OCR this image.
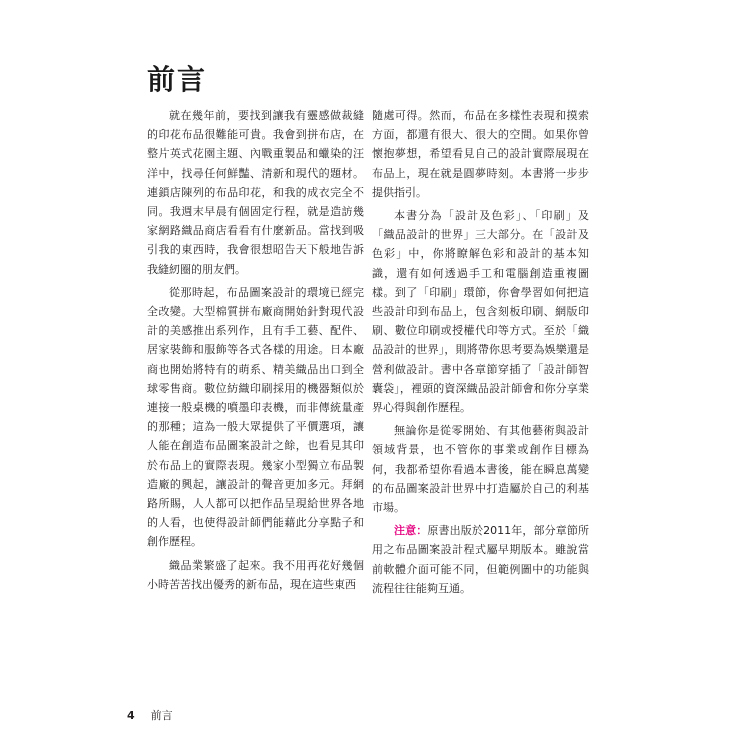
前言

就在幾年前，要找到讓我有靈感做裁縫的印花布品很難能可貴。我會到拼布店，在整片英式花園主題、內戰重製品和蠟染的汪洋中，找尋任何鮮豔、清新和現代的題材。連鎖店陳列的布品印花，和我的成衣完全不同。我週末早晨有個固定行程，就是造訪幾家網路織品商店看看有什麼新品。當找到吸引我的東西時，我會很想昭告天下般地告訴我縫紉圈的朋友們。

從那時起，布品圖案設計的環境已經完全改變。大型棉質拼布廠商開始針對現代設計的美感推出系列作，且有手工藝、配件、居家裝飾和服飾等各式各樣的用途。日本廠商也開始將特有的萌系、精美織品出口到全球零售商。數位紡織印刷採用的機器類似於連接一般桌機的噴墨印表機，而非傳統量產的那種；這為一般大眾提供了平價選項，讓人能在創造布品圖案設計之餘，也看見其印於布品上的實際表現。幾家小型獨立布品製造廠的興起，讓設計的聲音更加多元。拜網路所賜，人人都可以把作品呈現給世界各地的人看，也使得設計師們能藉此分享點子和創作歷程。

織品業繁盛了起來。我不用再花好幾個小時苦苦找出優秀的新布品，現在這些東西

隨處可得。然而，布品在多樣性表現和摸索方面，都還有很大、很大的空間。如果你曾懷抱夢想，希望看見自己的設計實際展現在布品上，現在就是圓夢時刻。本書將一步步提供指引。

本書分為「設計及色彩」、「印刷」及「織品設計的世界」三大部分。在「設計及色彩」中，你將瞭解色彩和設計的基本知識，還有如何透過手工和電腦創造重複圖樣。到了「印刷」環節，你會學習如何把這些設計印到布品上，包含刻板印刷、網版印刷、數位印刷或授權代印等方式。至於「織品設計的世界」，則將帶你思考要為娛樂還是營利做設計。書中各章節穿插了「設計師智囊袋」，裡頭的資深織品設計師會和你分享業界心得與創作歷程。

無論你是從零開始、有其他藝術與設計領域背景，也不管你的事業或創作目標為何，我都希望你看過本書後，能在瞬息萬變的布品圖案設計世界中打造屬於自己的利基市場。

注意：原書出版於2011年，部分章節所用之布品圖案設計程式屬早期版本。雖說當前軟體介面可能不同，但範例圖中的功能與流程往往能夠互通。

4 前言
